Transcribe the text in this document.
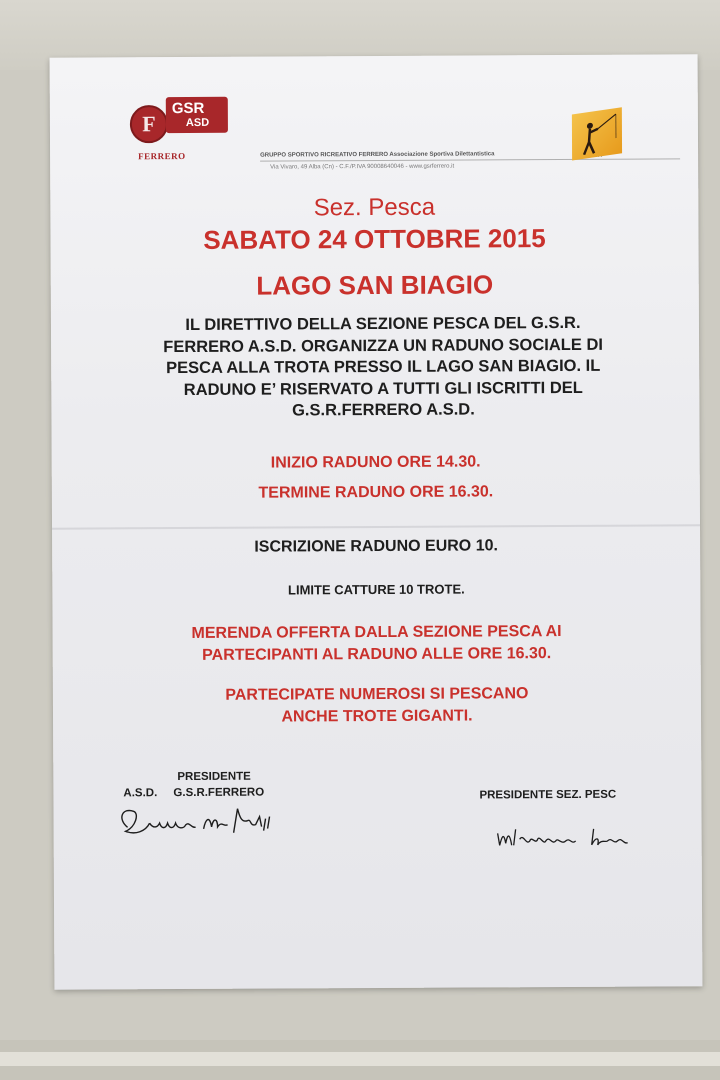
F
GSR
ASD
FERRERO	GRUPPO SPORTIVO RICREATIVO FERRERO Associazione Sportiva Dilettantistica
Via Vivaro, 49 Alba (Cn) - C.F./P.IVA 90008640046 - www.gsrferrero.it
Sez. Pesca
SABATO 24 OTTOBRE 2015
LAGO SAN BIAGIO
IL DIRETTIVO DELLA SEZIONE PESCA DEL G.S.R.
FERRERO A.S.D. ORGANIZZA UN RADUNO SOCIALE DI
PESCA ALLA TROTA PRESSO IL LAGO SAN BIAGIO. IL
RADUNO E’ RISERVATO A TUTTI GLI ISCRITTI DEL
G.S.R.FERRERO A.S.D.
INIZIO RADUNO ORE 14.30.
TERMINE RADUNO ORE 16.30.
ISCRIZIONE RADUNO EURO 10.
LIMITE CATTURE 10 TROTE.
MERENDA OFFERTA DALLA SEZIONE PESCA AI
PARTECIPANTI AL RADUNO ALLE ORE 16.30.
PARTECIPATE NUMEROSI SI PESCANO
ANCHE TROTE GIGANTI.
PRESIDENTE
A.S.D. G.S.R.FERRERO	PRESIDENTE SEZ. PESC
